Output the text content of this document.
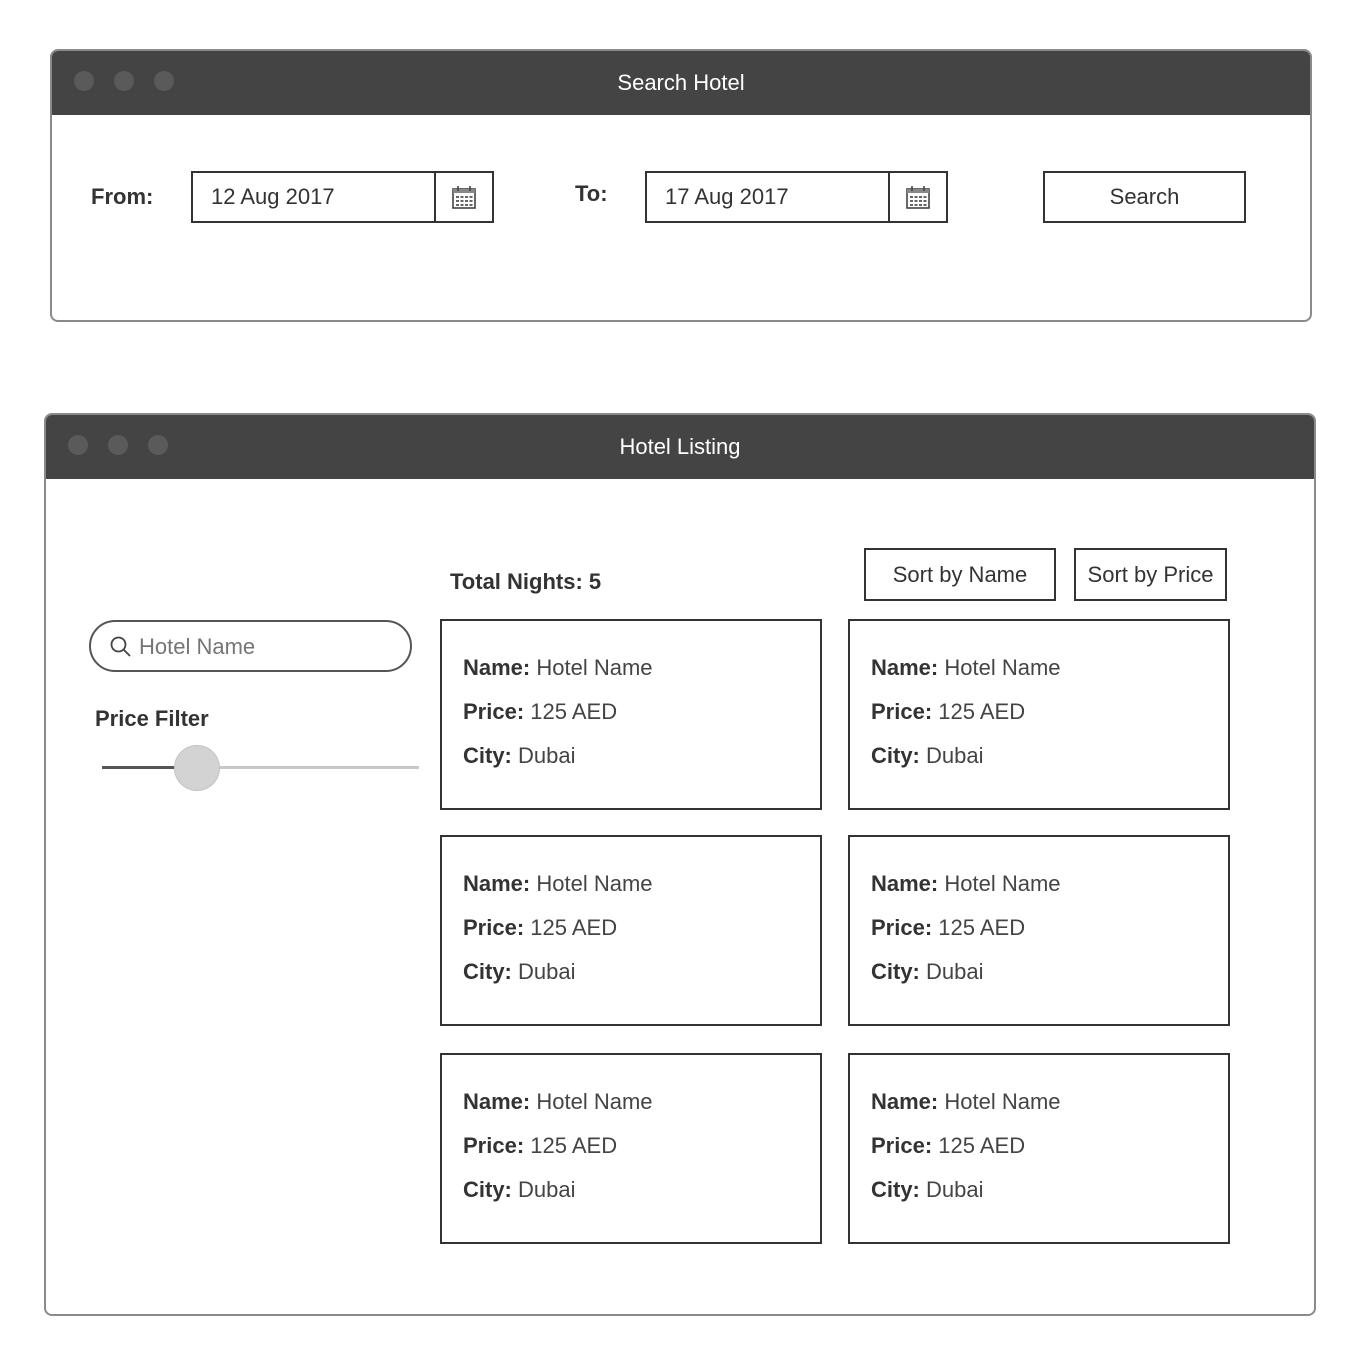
Search Hotel
From:	12 Aug 2017	To:	17 Aug 2017	Search
Hotel Listing
Hotel Name
Price Filter
Total Nights: 5	Sort by Name	Sort by Price
Name: Hotel Name
Price: 125 AED
City: Dubai
Name: Hotel Name
Price: 125 AED
City: Dubai
Name: Hotel Name
Price: 125 AED
City: Dubai
Name: Hotel Name
Price: 125 AED
City: Dubai
Name: Hotel Name
Price: 125 AED
City: Dubai
Name: Hotel Name
Price: 125 AED
City: Dubai
